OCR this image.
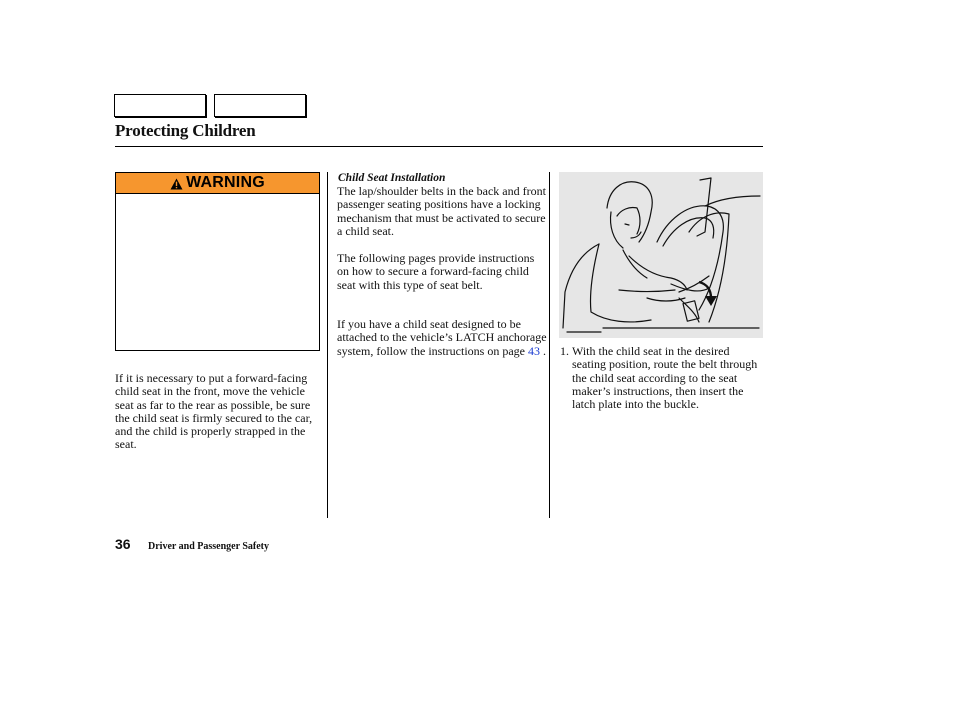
Protecting Children
WARNING

If it is necessary to put a forward-facing child seat in the front, move the vehicle seat as far to the rear as possible, be sure the child seat is firmly secured to the car, and the child is properly strapped in the seat.

Child Seat Installation

The lap/shoulder belts in the back and front passenger seating positions have a locking mechanism that must be activated to secure a child seat.

The following pages provide instructions on how to secure a forward-facing child seat with this type of seat belt.

If you have a child seat designed to be attached to the vehicle’s LATCH anchorage system, follow the instructions on page 43 . 1. With the child seat in the desired seating position, route the belt through the child seat according to the seat maker’s instructions, then insert the latch plate into the buckle.
36 Driver and Passenger Safety
